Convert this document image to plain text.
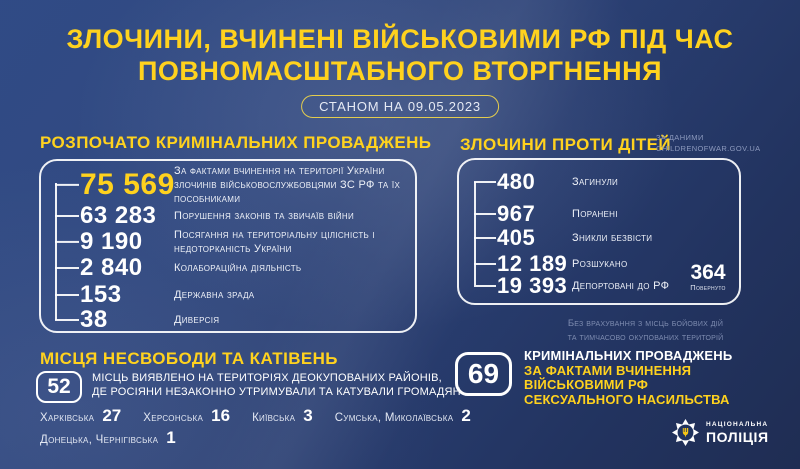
ЗЛОЧИНИ, ВЧИНЕНІ ВІЙСЬКОВИМИ РФ ПІД ЧАС
ПОВНОМАСШТАБНОГО ВТОРГНЕННЯ
СТАНОМ НА 09.05.2023
РОЗПОЧАТО КРИМІНАЛЬНИХ ПРОВАДЖЕНЬ
75 569 За фактами вчинення на території України злочинів військовослужбовцями ЗС РФ та їх пособниками
63 283	Порушення законів та звичаїв війни
9 190	Посягання на територіальну цілісність і недоторканість України
2 840	Колабораційна діяльність
153	Державна зрада
38	Диверсія
ЗЛОЧИНИ ПРОТИ ДІТЕЙ
ЗА ДАНИМИ
CHILDRENOFWAR.GOV.UA
480	Загинули
967	Поранені
405	Зникли безвісти
12 189 Розшукано
19 393 Депортовані до РФ
364
Повернуто
Без врахування з місць бойових дій
та тимчасово окупованих територій
МІСЦЯ НЕСВОБОДИ ТА КАТІВЕНЬ
52	МІСЦЬ ВИЯВЛЕНО НА ТЕРИТОРІЯХ ДЕОКУПОВАНИХ РАЙОНІВ,
ДЕ РОСІЯНИ НЕЗАКОННО УТРИМУВАЛИ ТА КАТУВАЛИ ГРОМАДЯН
Харківська 27 Херсонська 16 Київська 3 Сумська, Миколаївська 2
Донецька, Чернігівська 1
69
КРИМІНАЛЬНИХ ПРОВАДЖЕНЬ
ЗА ФАКТАМИ ВЧИНЕННЯ
ВІЙСЬКОВИМИ РФ
СЕКСУАЛЬНОГО НАСИЛЬСТВА
НАЦІОНАЛЬНА
ПОЛІЦІЯ
